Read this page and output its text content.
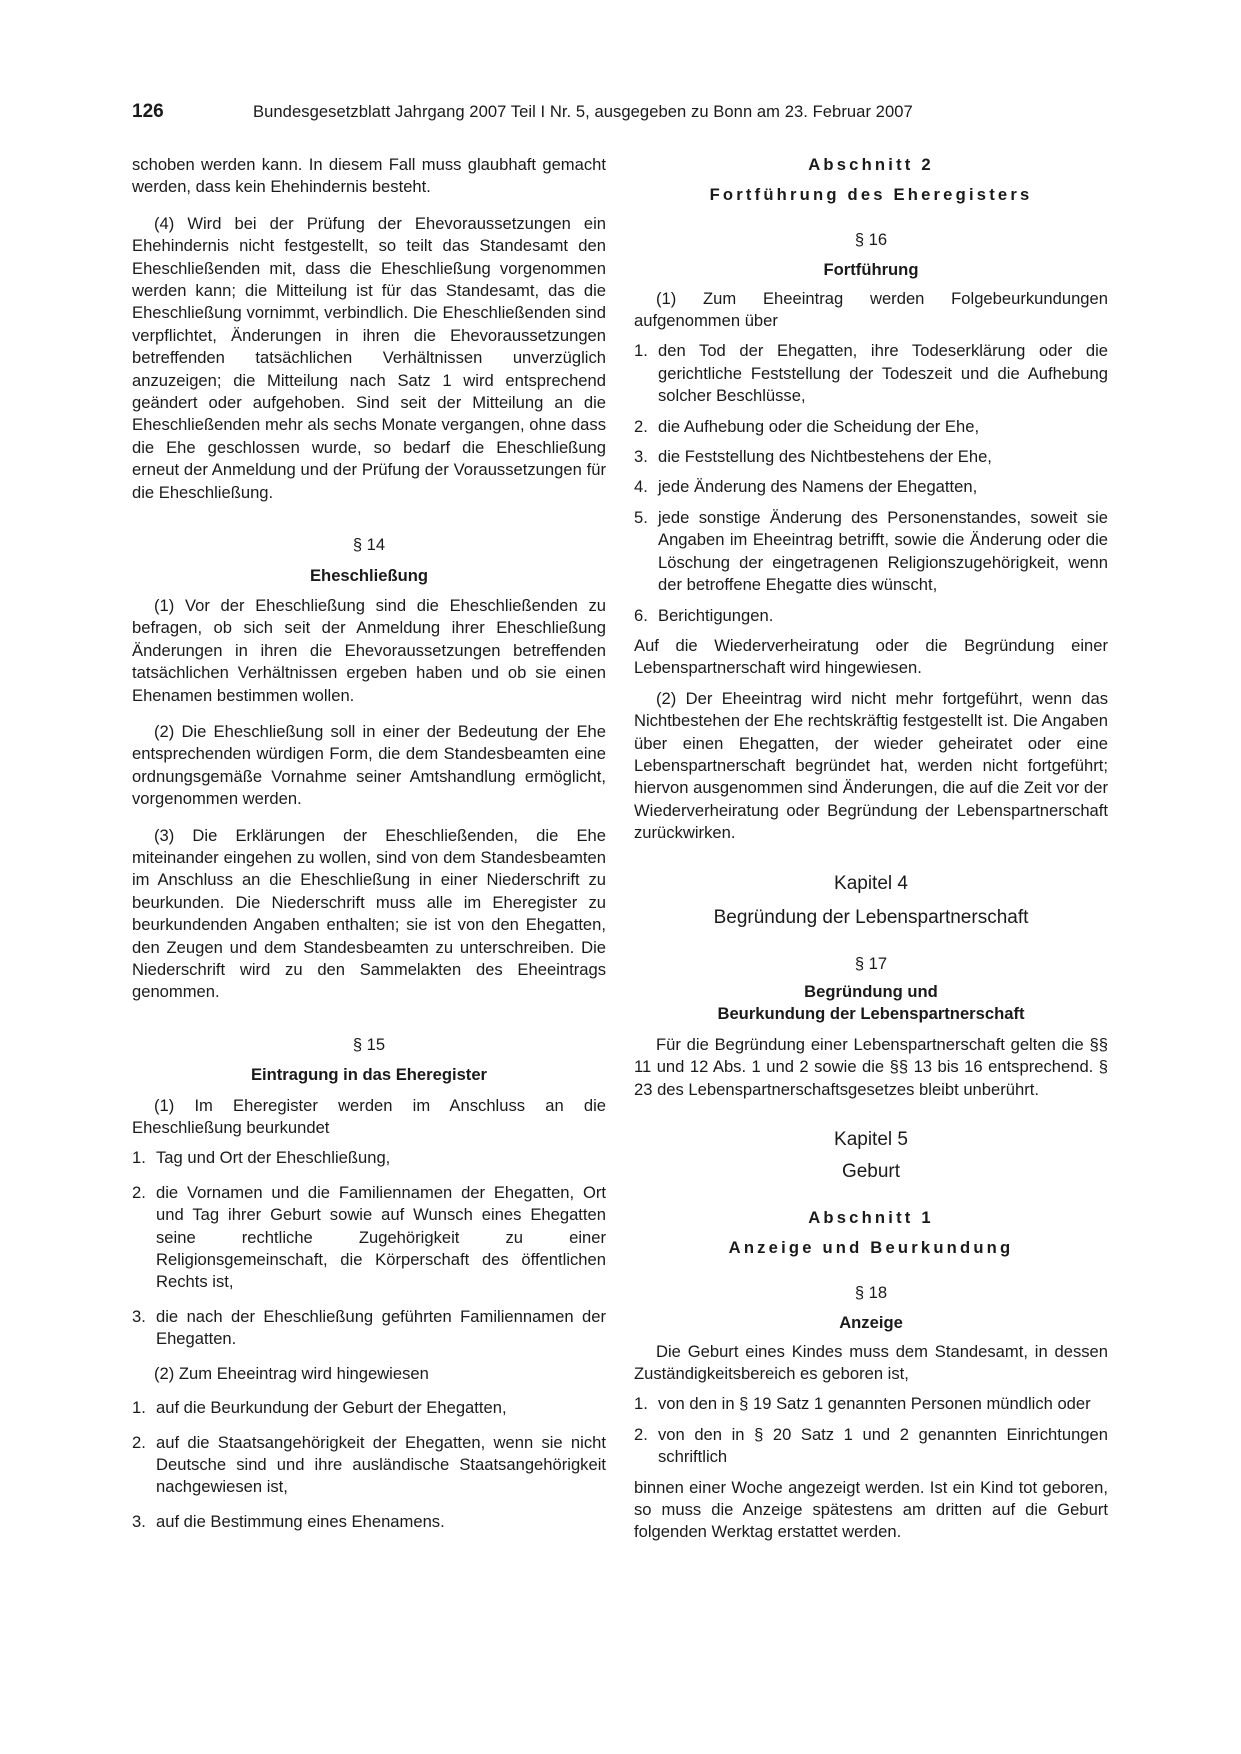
126	Bundesgesetzblatt Jahrgang 2007 Teil I Nr. 5, ausgegeben zu Bonn am 23. Februar 2007

schoben werden kann. In diesem Fall muss glaubhaft gemacht werden, dass kein Ehehindernis besteht.

(4) Wird bei der Prüfung der Ehevoraussetzungen ein Ehehindernis nicht festgestellt, so teilt das Standesamt den Eheschließenden mit, dass die Eheschließung vorgenommen werden kann; die Mitteilung ist für das Standesamt, das die Eheschließung vornimmt, verbindlich. Die Eheschließenden sind verpflichtet, Änderungen in ihren die Ehevoraussetzungen betreffenden tatsächlichen Verhältnissen unverzüglich anzuzeigen; die Mitteilung nach Satz 1 wird entsprechend geändert oder aufgehoben. Sind seit der Mitteilung an die Eheschließenden mehr als sechs Monate vergangen, ohne dass die Ehe geschlossen wurde, so bedarf die Eheschließung erneut der Anmeldung und der Prüfung der Voraussetzungen für die Eheschließung.

§ 14

Eheschließung

(1) Vor der Eheschließung sind die Eheschließenden zu befragen, ob sich seit der Anmeldung ihrer Eheschließung Änderungen in ihren die Ehevoraussetzungen betreffenden tatsächlichen Verhältnissen ergeben haben und ob sie einen Ehenamen bestimmen wollen.

(2) Die Eheschließung soll in einer der Bedeutung der Ehe entsprechenden würdigen Form, die dem Standesbeamten eine ordnungsgemäße Vornahme seiner Amtshandlung ermöglicht, vorgenommen werden.

(3) Die Erklärungen der Eheschließenden, die Ehe miteinander eingehen zu wollen, sind von dem Standesbeamten im Anschluss an die Eheschließung in einer Niederschrift zu beurkunden. Die Niederschrift muss alle im Eheregister zu beurkundenden Angaben enthalten; sie ist von den Ehegatten, den Zeugen und dem Standesbeamten zu unterschreiben. Die Niederschrift wird zu den Sammelakten des Eheeintrags genommen.

§ 15

Eintragung in das Eheregister

(1) Im Eheregister werden im Anschluss an die Eheschließung beurkundet

1. Tag und Ort der Eheschließung,
2. die Vornamen und die Familiennamen der Ehegatten, Ort und Tag ihrer Geburt sowie auf Wunsch eines Ehegatten seine rechtliche Zugehörigkeit zu einer Religionsgemeinschaft, die Körperschaft des öffentlichen Rechts ist,
3. die nach der Eheschließung geführten Familiennamen der Ehegatten.

(2) Zum Eheeintrag wird hingewiesen

1. auf die Beurkundung der Geburt der Ehegatten,
2. auf die Staatsangehörigkeit der Ehegatten, wenn sie nicht Deutsche sind und ihre ausländische Staatsangehörigkeit nachgewiesen ist,
3. auf die Bestimmung eines Ehenamens.

Abschnitt 2

Fortführung des Eheregisters

§ 16

Fortführung

(1) Zum Eheeintrag werden Folgebeurkundungen aufgenommen über

1. den Tod der Ehegatten, ihre Todeserklärung oder die gerichtliche Feststellung der Todeszeit und die Aufhebung solcher Beschlüsse,
2. die Aufhebung oder die Scheidung der Ehe,
3. die Feststellung des Nichtbestehens der Ehe,
4. jede Änderung des Namens der Ehegatten,
5. jede sonstige Änderung des Personenstandes, soweit sie Angaben im Eheeintrag betrifft, sowie die Änderung oder die Löschung der eingetragenen Religionszugehörigkeit, wenn der betroffene Ehegatte dies wünscht,
6. Berichtigungen.

Auf die Wiederverheiratung oder die Begründung einer Lebenspartnerschaft wird hingewiesen.

(2) Der Eheeintrag wird nicht mehr fortgeführt, wenn das Nichtbestehen der Ehe rechtskräftig festgestellt ist. Die Angaben über einen Ehegatten, der wieder geheiratet oder eine Lebenspartnerschaft begründet hat, werden nicht fortgeführt; hiervon ausgenommen sind Änderungen, die auf die Zeit vor der Wiederverheiratung oder Begründung der Lebenspartnerschaft zurückwirken.

Kapitel 4

Begründung der Lebenspartnerschaft

§ 17

Begründung und

Beurkundung der Lebenspartnerschaft

Für die Begründung einer Lebenspartnerschaft gelten die §§ 11 und 12 Abs. 1 und 2 sowie die §§ 13 bis 16 entsprechend. § 23 des Lebenspartnerschaftsgesetzes bleibt unberührt.

Kapitel 5

Geburt

Abschnitt 1

Anzeige und Beurkundung

§ 18

Anzeige

Die Geburt eines Kindes muss dem Standesamt, in dessen Zuständigkeitsbereich es geboren ist,

1. von den in § 19 Satz 1 genannten Personen mündlich oder
2. von den in § 20 Satz 1 und 2 genannten Einrichtungen schriftlich

binnen einer Woche angezeigt werden. Ist ein Kind tot geboren, so muss die Anzeige spätestens am dritten auf die Geburt folgenden Werktag erstattet werden.
